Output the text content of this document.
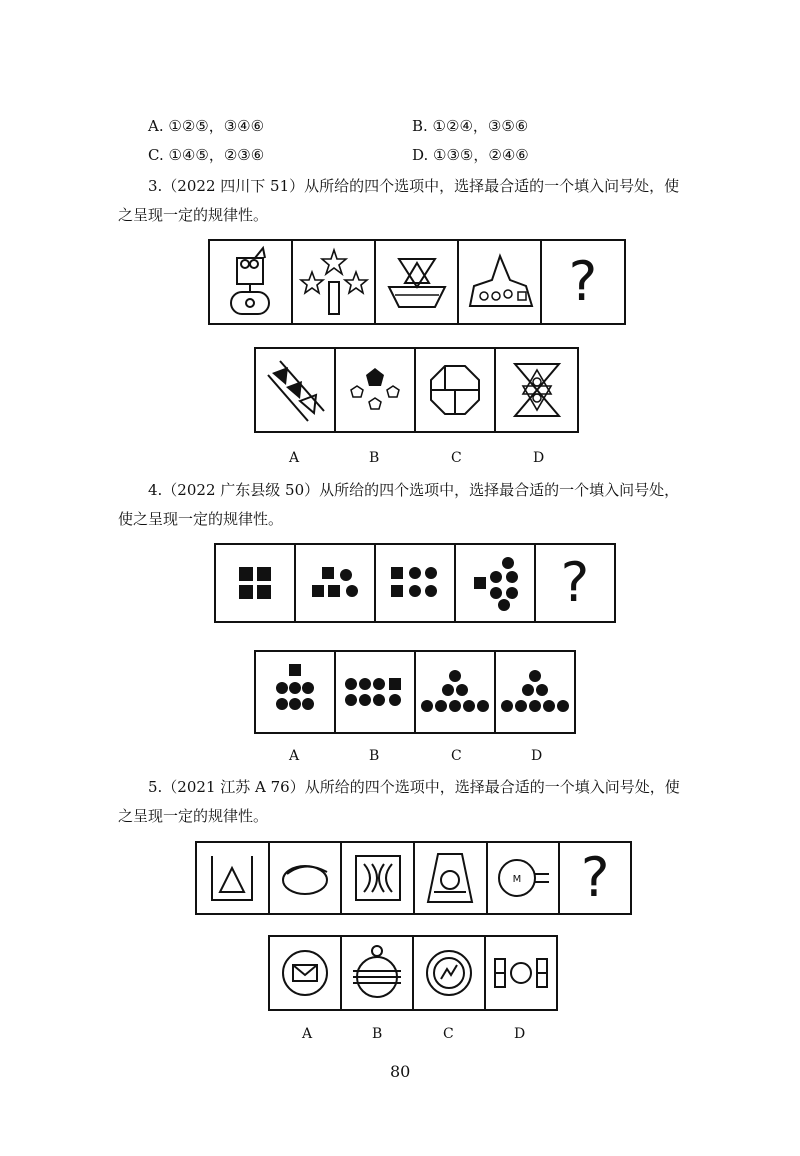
A. ①②⑤，③④⑥	B. ①②④，③⑤⑥
C. ①④⑤，②③⑥	D. ①③⑤，②④⑥
3.（2022 四川下 51）从所给的四个选项中，选择最合适的一个填入问号处，使
之呈现一定的规律性。
?
A	B	C	D
4.（2022 广东县级 50）从所给的四个选项中，选择最合适的一个填入问号处，
使之呈现一定的规律性。
?
A	B	C	D
5.（2021 江苏 A 76）从所给的四个选项中，选择最合适的一个填入问号处，使
之呈现一定的规律性。
M ?
A	B	C	D
80
